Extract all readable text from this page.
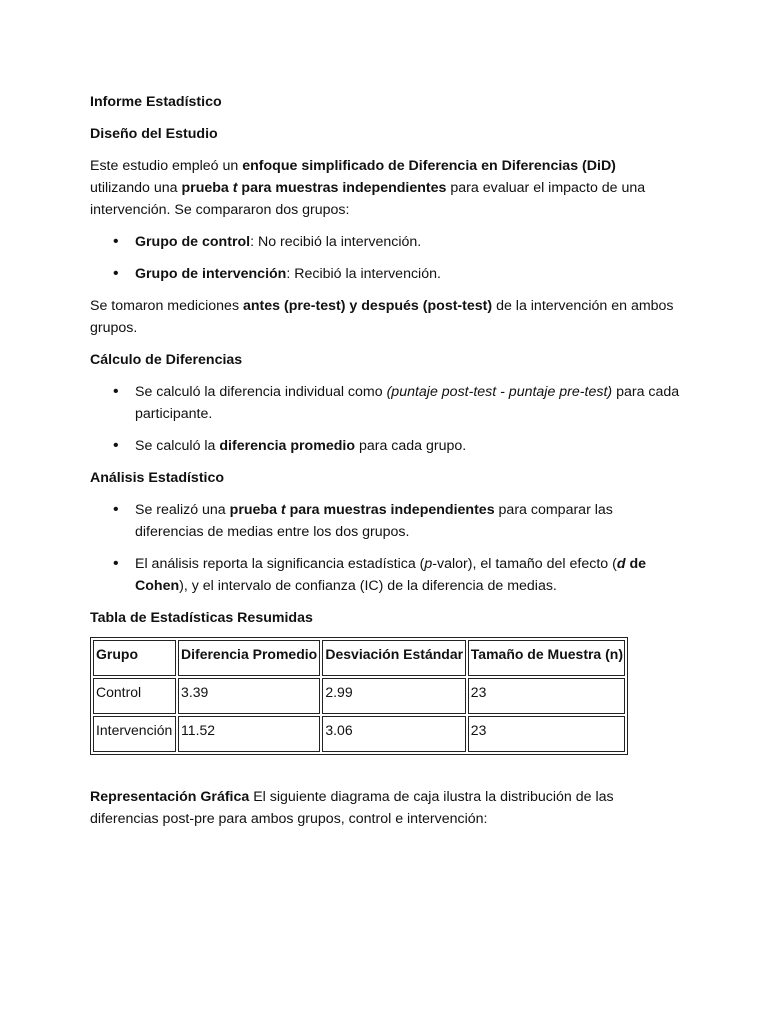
Informe Estadístico

Diseño del Estudio

Este estudio empleó un enfoque simplificado de Diferencia en Diferencias (DiD)
utilizando una prueba t para muestras independientes para evaluar el impacto de una intervención. Se compararon dos grupos:

• Grupo de control: No recibió la intervención.
• Grupo de intervención: Recibió la intervención.

Se tomaron mediciones antes (pre-test) y después (post-test) de la intervención en ambos grupos.

Cálculo de Diferencias

• Se calculó la diferencia individual como (puntaje post-test - puntaje pre-test) para cada participante.
• Se calculó la diferencia promedio para cada grupo.

Análisis Estadístico

• Se realizó una prueba t para muestras independientes para comparar las diferencias de medias entre los dos grupos.
• El análisis reporta la significancia estadística (p-valor), el tamaño del efecto (d de Cohen), y el intervalo de confianza (IC) de la diferencia de medias.

Tabla de Estadísticas Resumidas

Grupo	Diferencia Promedio	Desviación Estándar	Tamaño de Muestra (n)
Control	3.39	2.99	23
Intervención	11.52	3.06	23

Representación Gráfica El siguiente diagrama de caja ilustra la distribución de las diferencias post-pre para ambos grupos, control e intervención:
